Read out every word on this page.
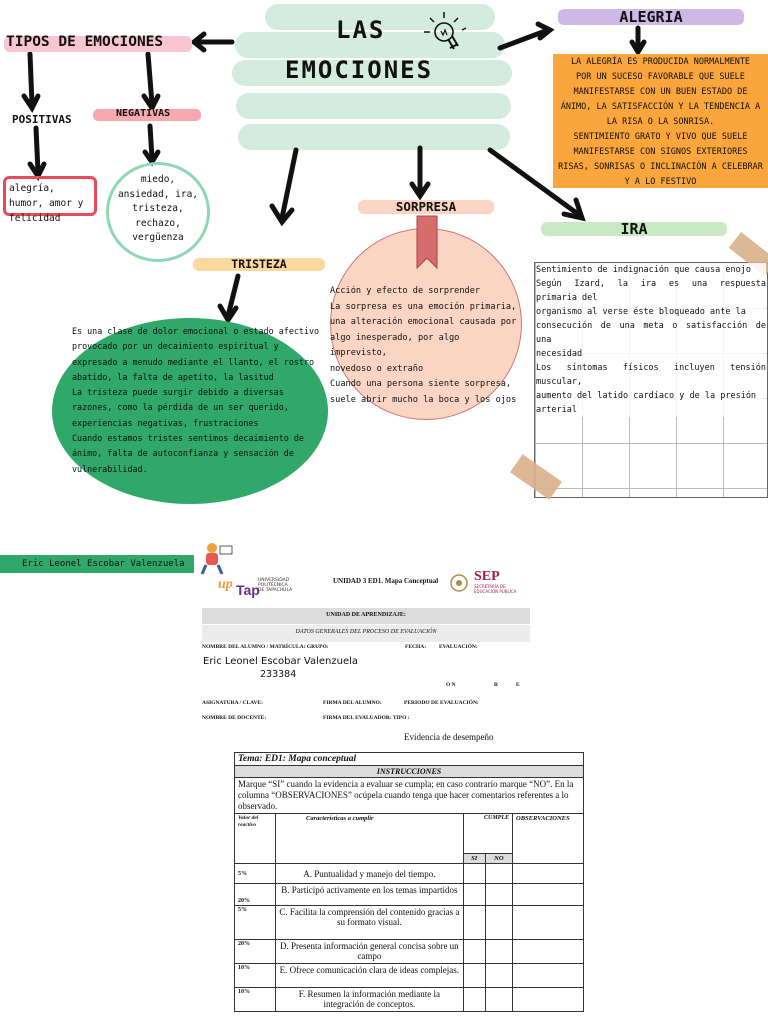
LAS
EMOCIONES
TIPOS DE EMOCIONES
POSITIVAS	NEGATIVAS
alegría, humor, amor y felicidad
miedo,
ansiedad, ira,
tristeza,
rechazo,
vergüenza
ALEGRIA
LA ALEGRÍA ES PRODUCIDA NORMALMENTE
POR UN SUCESO FAVORABLE QUE SUELE
MANIFESTARSE CON UN BUEN ESTADO DE
ÁNIMO, LA SATISFACCIÓN Y LA TENDENCIA A
LA RISA O LA SONRISA.
SENTIMIENTO GRATO Y VIVO QUE SUELE
MANIFESTARSE CON SIGNOS EXTERIORES
RISAS, SONRISAS O INCLINACIÓN A CELEBRAR
Y A LO FESTIVO
SORPRESA
Acción y efecto de sorprender
La sorpresa es una emoción primaria,
una alteración emocional causada por
algo inesperado, por algo imprevisto,
novedoso o extraño
Cuando una persona siente sorpresa,
suele abrir mucho la boca y los ojos
IRA
Sentimiento de indignación que causa enojo
Según Izard, la ira es una respuesta primaria del
organismo al verse éste bloqueado ante la
consecución de una meta o satisfacción de una
necesidad
Los síntomas físicos incluyen tensión muscular,
aumento del latido cardíaco y de la presión
arterial
TRISTEZA
Es una clase de dolor emocional o estado afectivo
provocado por un decaimiento espiritual y
expresado a menudo mediante el llanto, el rostro
abatido, la falta de apetito, la lasitud
La tristeza puede surgir debido a diversas
razones, como la pérdida de un ser querido,
experiencias negativas, frustraciones
Cuando estamos tristes sentimos decaimiento de
ánimo, falta de autoconfianza y sensación de
vulnerabilidad.
Eric Leonel Escobar Valenzuela
up Tap
UNIVERSIDAD
POLITÉCNICA
DE TAPACHULA
UNIDAD 3 ED1. Mapa Conceptual	SEP
SECRETARÍA DE
EDUCACIÓN PÚBLICA
UNIDAD DE APRENDIZAJE:
DATOS GENERALES DEL PROCESO DE EVALUACIÓN
NOMBRE DEL ALUMNO / MATRÍCULA: GRUPO:	FECHA: EVALUACIÓN:
Eric Leonel Escobar Valenzuela
233384
O N	R	E
ASIGNATURA / CLAVE:	FIRMA DEL ALUMNO:	PERIODO DE EVALUACIÓN:
NOMBRE DE DOCENTE:	FIRMA DEL EVALUADOR: TIPO :
Evidencia de desempeño
Tema: ED1: Mapa conceptual				
INSTRUCCIONES				
Marque “SI” cuando la evidencia a evaluar se cumpla; en caso contrario marque “NO”. En la columna “OBSERVACIONES” ocúpela cuando tenga que hacer comentarios referentes a lo observado.				
Valor del reactivo	Características a cumplir	CUMPLE		OBSERVACIONES
		SI	NO	
5%	A. Puntualidad y manejo del tiempo.			
20%	B. Participó activamente en los temas impartidos			
5%	C. Facilita la comprensión del contenido gracias a su formato visual.			
20%	D. Presenta información general concisa sobre un campo			
10%	E. Ofrece comunicación clara de ideas complejas.			
10%	F. Resumen la información mediante la integración de conceptos.			
